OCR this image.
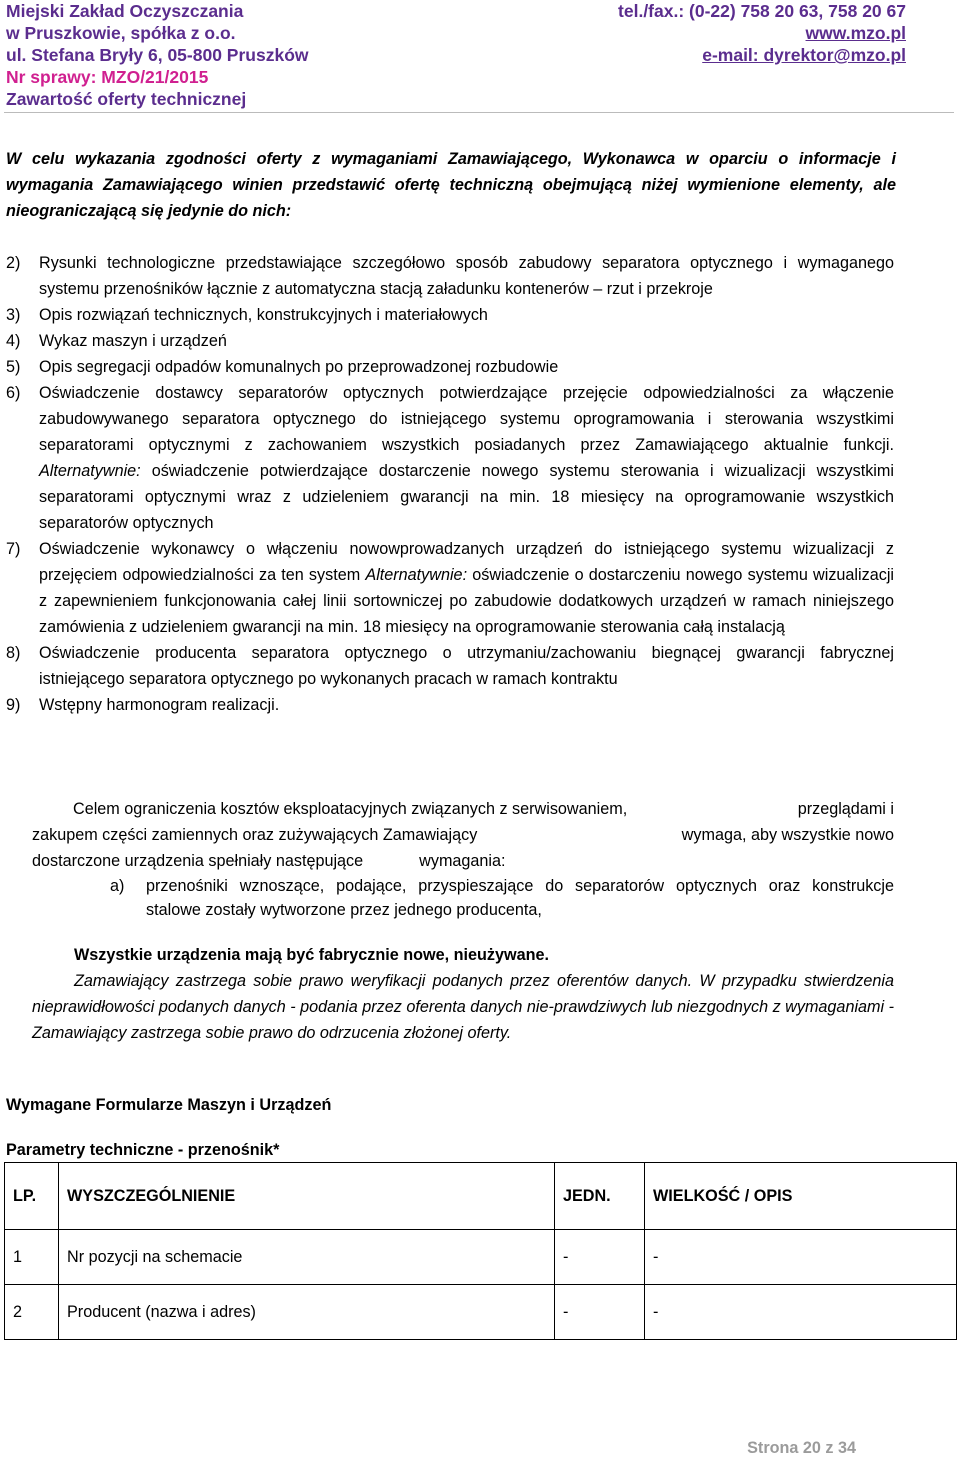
Miejski Zakład Oczyszczania	tel./fax.: (0-22) 758 20 63, 758 20 67
w Pruszkowie, spółka z o.o.	www.mzo.pl
ul. Stefana Bryły 6, 05-800 Pruszków	e-mail: dyrektor@mzo.pl
Nr sprawy: MZO/21/2015
Zawartość oferty technicznej
W celu wykazania zgodności oferty z wymaganiami Zamawiającego, Wykonawca w oparciu o informacje i wymagania Zamawiającego winien przedstawić ofertę techniczną obejmującą niżej wymienione elementy, ale nieograniczającą się jedynie do nich:
2) Rysunki technologiczne przedstawiające szczegółowo sposób zabudowy separatora optycznego i wymaganego systemu przenośników łącznie z automatyczna stacją załadunku kontenerów – rzut i przekroje
3) Opis rozwiązań technicznych, konstrukcyjnych i materiałowych
4) Wykaz maszyn i urządzeń
5) Opis segregacji odpadów komunalnych po przeprowadzonej rozbudowie
6) Oświadczenie dostawcy separatorów optycznych potwierdzające przejęcie odpowiedzialności za włączenie zabudowywanego separatora optycznego do istniejącego systemu oprogramowania i sterowania wszystkimi separatorami optycznymi z zachowaniem wszystkich posiadanych przez Zamawiającego aktualnie funkcji. Alternatywnie: oświadczenie potwierdzające dostarczenie nowego systemu sterowania i wizualizacji wszystkimi separatorami optycznymi wraz z udzieleniem gwarancji na min. 18 miesięcy na oprogramowanie wszystkich separatorów optycznych
7) Oświadczenie wykonawcy o włączeniu nowowprowadzanych urządzeń do istniejącego systemu wizualizacji z przejęciem odpowiedzialności za ten system Alternatywnie: oświadczenie o dostarczeniu nowego systemu wizualizacji z zapewnieniem funkcjonowania całej linii sortowniczej po zabudowie dodatkowych urządzeń w ramach niniejszego zamówienia z udzieleniem gwarancji na min. 18 miesięcy na oprogramowanie sterowania całą instalacją
8) Oświadczenie producenta separatora optycznego o utrzymaniu/zachowaniu biegnącej gwarancji fabrycznej istniejącego separatora optycznego po wykonanych pracach w ramach kontraktu
9) Wstępny harmonogram realizacji.
Celem ograniczenia kosztów eksploatacyjnych związanych z serwisowaniem,	przeglądami i
zakupem części zamiennych oraz zużywających Zamawiający	wymaga, aby wszystkie nowo
dostarczone urządzenia spełniały następujące	wymagania:
a) przenośniki wznoszące, podające, przyspieszające do separatorów optycznych oraz konstrukcje stalowe zostały wytworzone przez jednego producenta,
Wszystkie urządzenia mają być fabrycznie nowe, nieużywane.
Zamawiający zastrzega sobie prawo weryfikacji podanych przez oferentów danych. W przypadku stwierdzenia nieprawidłowości podanych danych - podania przez oferenta danych nie-prawdziwych lub niezgodnych z wymaganiami - Zamawiający zastrzega sobie prawo do odrzucenia złożonej oferty.
Wymagane Formularze Maszyn i Urządzeń
Parametry techniczne - przenośnik*
LP.	WYSZCZEGÓLNIENIE	JEDN.	WIELKOŚĆ / OPIS
1	Nr pozycji na schemacie	-	-
2	Producent (nazwa i adres)	-	-
Strona 20 z 34
